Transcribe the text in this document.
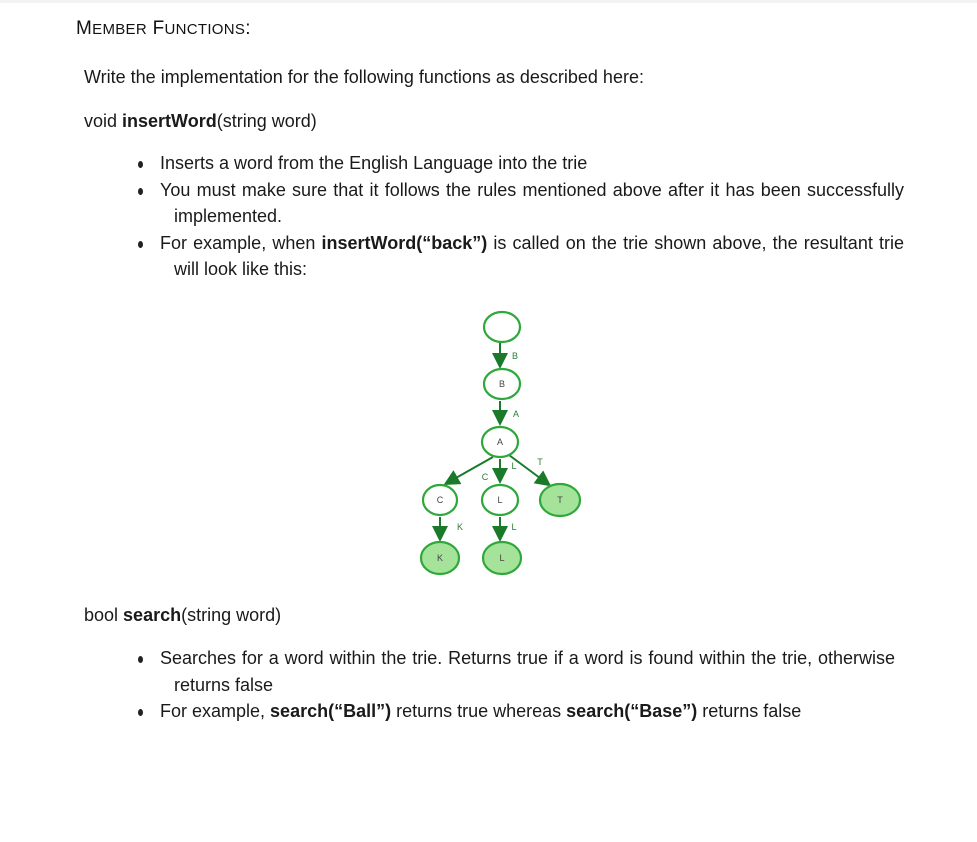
MEMBER FUNCTIONS:
Write the implementation for the following functions as described here:
void insertWord(string word)
Inserts a word from the English Language into the trie
You must make sure that it follows the rules mentioned above after it has been successfully implemented.
For example, when insertWord(“back”) is called on the trie shown above, the resultant trie will look like this:
B
A
C
L T
K	L
B
A
C	L	T
K	L
bool search(string word)
Searches for a word within the trie. Returns true if a word is found within the trie, otherwise returns false
For example, search(“Ball”) returns true whereas search(“Base”) returns false
